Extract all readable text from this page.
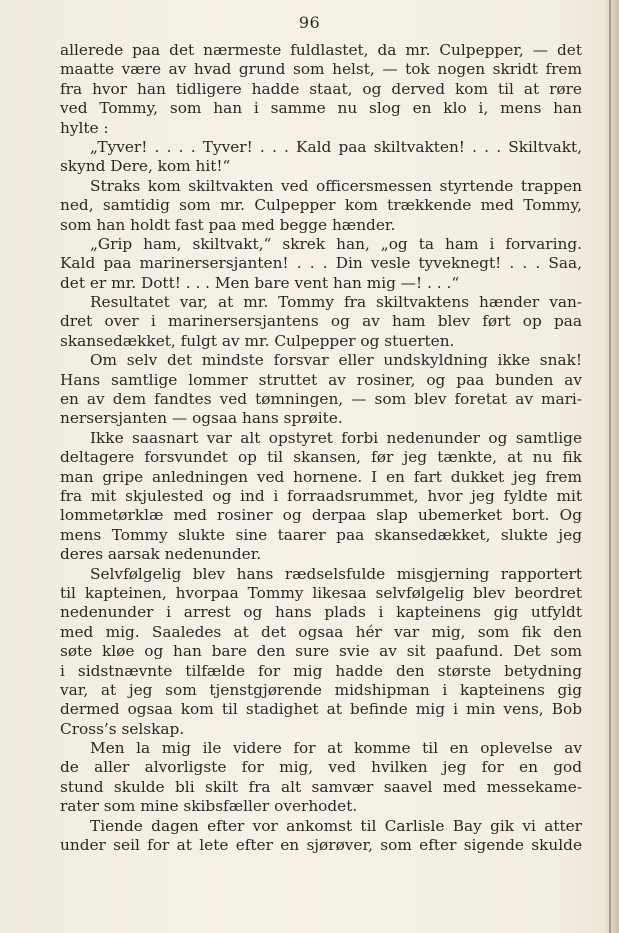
96
allerede paa det nærmeste fuldlastet, da mr. Culpepper, — det
maatte være av hvad grund som helst, — tok nogen skridt frem
fra hvor han tidligere hadde staat, og derved kom til at røre
ved Tommy, som han i samme nu slog en klo i, mens han
hylte :
„Tyver! . . . . Tyver! . . . Kald paa skiltvakten! . . . Skiltvakt,
skynd Dere, kom hit!“
Straks kom skiltvakten ved officersmessen styrtende trappen
ned, samtidig som mr. Culpepper kom trækkende med Tommy,
som han holdt fast paa med begge hænder.
„Grip ham, skiltvakt,“ skrek han, „og ta ham i forvaring.
Kald paa marinersersjanten! . . . Din vesle tyveknegt! . . . Saa,
det er mr. Dott! . . . Men bare vent han mig —! . . .“
Resultatet var, at mr. Tommy fra skiltvaktens hænder van-
dret over i marinersersjantens og av ham blev ført op paa
skansedækket, fulgt av mr. Culpepper og stuerten.
Om selv det mindste forsvar eller undskyldning ikke snak!
Hans samtlige lommer struttet av rosiner, og paa bunden av
en av dem fandtes ved tømningen, — som blev foretat av mari-
nersersjanten — ogsaa hans sprøite.
Ikke saasnart var alt opstyret forbi nedenunder og samtlige
deltagere forsvundet op til skansen, før jeg tænkte, at nu fik
man gripe anledningen ved hornene. I en fart dukket jeg frem
fra mit skjulested og ind i forraadsrummet, hvor jeg fyldte mit
lommetørklæ med rosiner og derpaa slap ubemerket bort. Og
mens Tommy slukte sine taarer paa skansedækket, slukte jeg
deres aarsak nedenunder.
Selvfølgelig blev hans rædselsfulde misgjerning rapportert
til kapteinen, hvorpaa Tommy likesaa selvfølgelig blev beordret
nedenunder i arrest og hans plads i kapteinens gig utfyldt
med mig. Saaledes at det ogsaa hér var mig, som fik den
søte kløe og han bare den sure svie av sit paafund. Det som
i sidstnævnte tilfælde for mig hadde den største betydning
var, at jeg som tjenstgjørende midshipman i kapteinens gig
dermed ogsaa kom til stadighet at befinde mig i min vens, Bob
Cross’s selskap.
Men la mig ile videre for at komme til en oplevelse av
de aller alvorligste for mig, ved hvilken jeg for en god
stund skulde bli skilt fra alt samvær saavel med messekame-
rater som mine skibsfæller overhodet.
Tiende dagen efter vor ankomst til Carlisle Bay gik vi atter
under seil for at lete efter en sjørøver, som efter sigende skulde
